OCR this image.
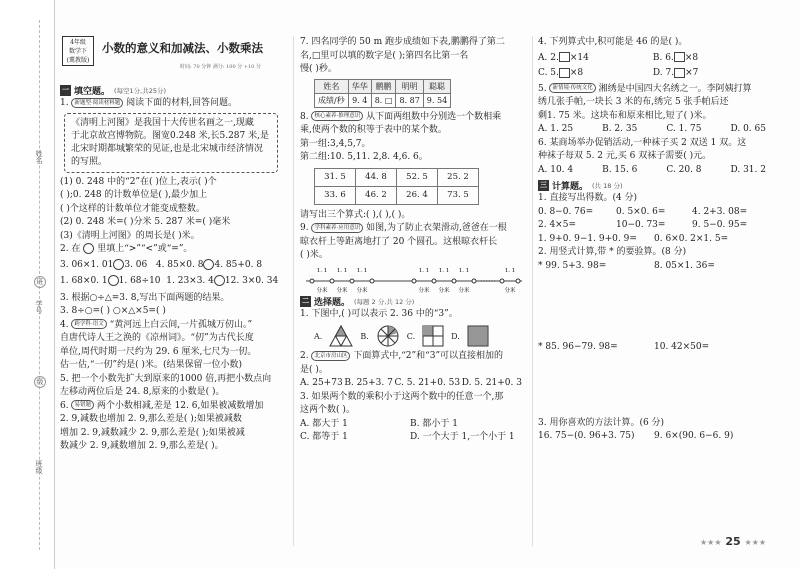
姓名
学号
班
级
班级
4年级
数学下
(冀教版)
小数的意义和加减法、小数乘法
时间: 70 分钟 满分: 100 分 +10 分
一 填空题。 (每空1分,共25分)
1. 新题型·阅读材料题 阅读下面的材料,回答问题。
《清明上河图》是我国十大传世名画之一,现藏
于北京故宫博物院。图宽0.248 米,长5.287 米,是
北宋时期都城繁荣的见证,也是北宋城市经济情况
的写照。
(1) 0. 248 中的“2”在( )位上,表示( )个
( );0. 248 的计数单位是( ),最少加上
( )个这样的计数单位才能变成整数。
(2) 0. 248 米=( )分米 5. 287 米=( )毫米
(3)《清明上河图》的周长是( )米。
2. 在 里填上“>”“<”或“=”。
3. 06×1. 01 3. 06 4. 85×0. 8 4. 85+0. 8
1. 68×0. 1 1. 68÷10 1. 23×3. 4 12. 3×0. 34
3. 根据○÷△=3. 8,写出下面两题的结果。
3. 8÷○=( ) ○×△×5=( )
4. 跨学科·语文 “黄河远上白云间,一片孤城万仞山。”
自唐代诗人王之涣的《凉州词》。“仞”为古代长度
单位,周代时期一尺约为 29. 6 厘米,七尺为一仞。
估一估,“一仞”约是( )米。(结果保留一位小数)
5. 把一个小数先扩大到原来的1000 倍,再把小数点向
左移动两位后是 24. 8,原来的小数是( )。
6. 易错题 两个小数相减,差是 12. 6,如果被减数增加
2. 9,减数也增加 2. 9,那么差是( );如果被减数
增加 2. 9,减数减少 2. 9,那么差是( );如果被减
数减少 2. 9,减数增加 2. 9,那么差是( )。
7. 四名同学的 50 m 跑步成绩如下表,鹏鹏得了第二
名,□里可以填的数字是( );第四名比第一名
慢( )秒。
姓名	华华	鹏鹏	明明	聪聪
成绩/秒	9. 4	8. □	8. 87	9. 54
8. 核心素养·推理意识 从下面两组数中分别选一个数相乘
乘,使两个数的积等于表中的某个数。
第一组:3,4,5,7。
第二组:10. 5,11. 2,8. 4,6. 6。
31. 5	44. 8	52. 5	25. 2
33. 6	46. 2	26. 4	73. 5
请写出三个算式:( ),( ),( )。
9. 学科素养·应用意识 如图,为了防止衣架滑动,爸爸在一根
晾衣杆上等距离地打了 20 个圆孔。这根晾衣杆长
( )米。
1. 1
分米
1. 1
分米
1. 1
分米
1. 1
分米
1. 1
分米
1. 1
分米
1. 1
分米
······
二 选择题。 (每题 2 分,共 12 分)
1. 下图中,( )可以表示 2. 36 中的“3”。
A.	B.	C.	D.
2. 北京市房山区 下面算式中,“2”和“3”可以直接相加的
是( )。
A. 25+73 B. 25+3. 7 C. 5. 21+0. 53 D. 5. 21+0. 3
3. 如果两个数的乘积小于这两个数中的任意一个,那
这两个数( )。
A. 都大于 1	B. 都小于 1
C. 都等于 1	D. 一个大于 1,一个小于 1
4. 下列算式中,积可能是 46 的是( )。
A. 2. ×14	B. 6. ×8
C. 5. ×8	D. 7. ×7
5. 新情境·传统文化 湘绣是中国四大名绣之一。李阿姨打算
绣几张手帕,一块长 3 米的布,绣完 5 张手帕后还
剩1. 75 米。这块布和原来相比,短了( )米。
A. 1. 25	B. 2. 35	C. 1. 75	D. 0. 65
6. 某商场举办促销活动,一种袜子买 2 双送 1 双。这
种袜子每双 5. 2 元,买 6 双袜子需要( )元。
A. 10. 4	B. 15. 6	C. 20. 8	D. 31. 2
三 计算题。 (共 18 分)
1. 直接写出得数。(4 分)
0. 8−0. 76=	0. 5×0. 6=	4. 2+3. 08=
2. 4×5=	10−0. 73=	9. 5−0. 95=
1. 9+0. 9−1. 9+0. 9= 0. 6×0. 2×1. 5=
2. 用竖式计算,带 * 的要验算。(8 分)
* 99. 5+3. 98=	8. 05×1. 36=
* 85. 96−79. 98=	10. 42×50=
3. 用你喜欢的方法计算。(6 分)
16. 75−(0. 96+3. 75) 9. 6×(90. 6−6. 9)
★★★ 25 ★★★
